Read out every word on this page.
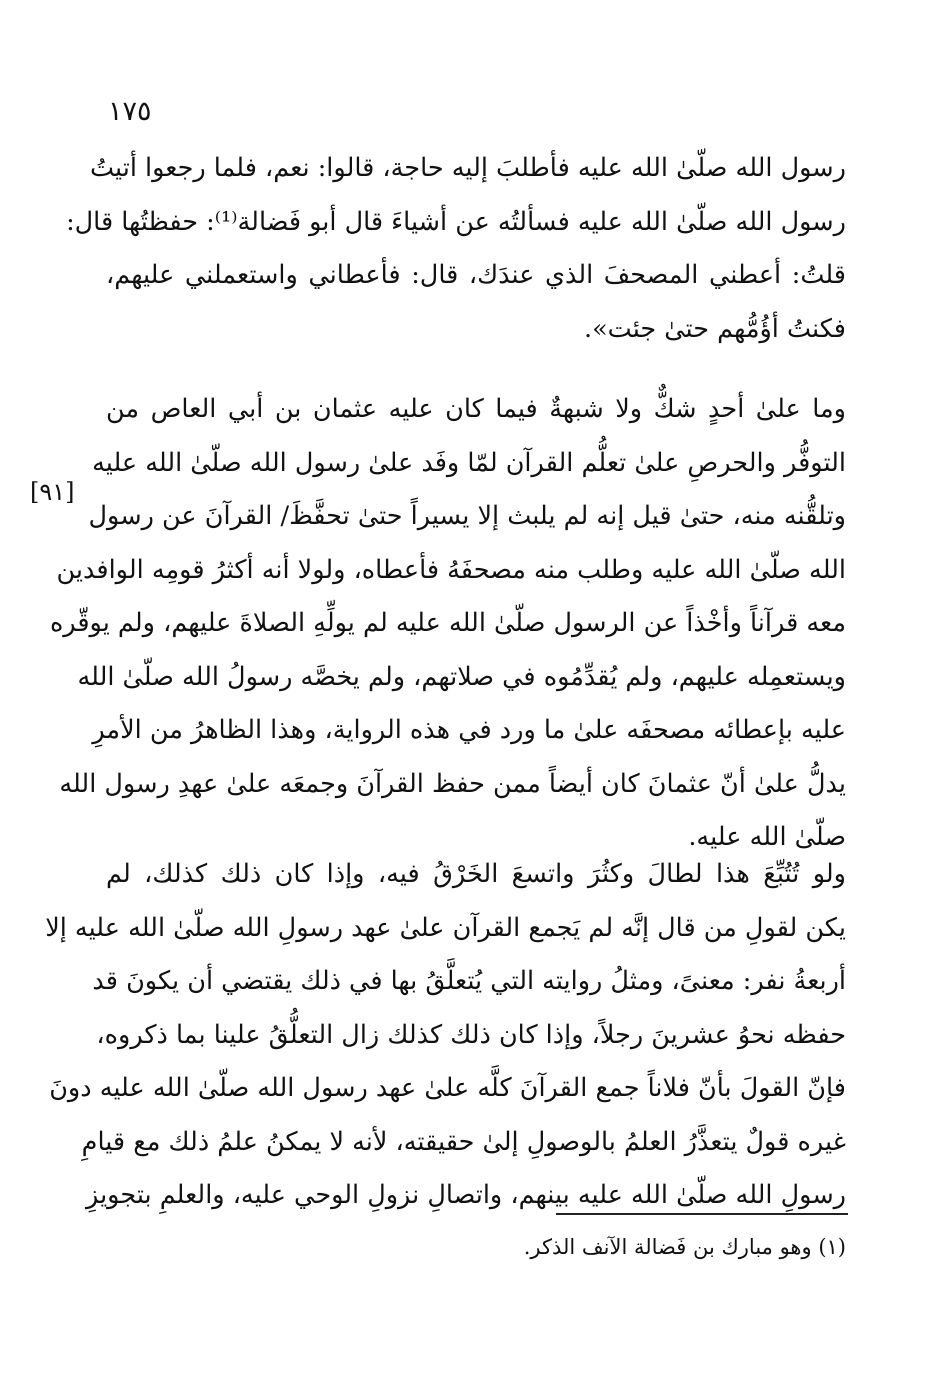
١٧٥
[٩١]
رسول الله صلّىٰ الله عليه فأطلبَ إليه حاجة، قالوا: نعم، فلما رجعوا أتيتُ
رسول الله صلّىٰ الله عليه فسألتُه عن أشياءَ قال أبو فَضالة⁽¹⁾: حفظتُها قال:
قلتُ: أعطني المصحفَ الذي عندَك، قال: فأعطاني واستعملني عليهم،
فكنتُ أؤُمُّهم حتىٰ جئت».
وما علىٰ أحدٍ شكٌّ ولا شبهةٌ فيما كان عليه عثمان بن أبي العاص من
التوفُّر والحرصِ علىٰ تعلُّم القرآن لمّا وفَد علىٰ رسول الله صلّىٰ الله عليه
وتلقُّنه منه، حتىٰ قيل إنه لم يلبث إلا يسيراً حتىٰ تحفَّظَ/ القرآنَ عن رسول
الله صلّىٰ الله عليه وطلب منه مصحفَهُ فأعطاه، ولولا أنه أكثرُ قومِه الوافدين
معه قرآناً وأخْذاً عن الرسول صلّىٰ الله عليه لم يولِّهِ الصلاةَ عليهم، ولم يوقّره
ويستعمِله عليهم، ولم يُقدِّمُوه في صلاتهم، ولم يخصَّه رسولُ الله صلّىٰ الله
عليه بإعطائه مصحفَه علىٰ ما ورد في هذه الرواية، وهذا الظاهرُ من الأمرِ
يدلُّ علىٰ أنّ عثمانَ كان أيضاً ممن حفظ القرآنَ وجمعَه علىٰ عهدِ رسول الله
صلّىٰ الله عليه.
ولو تُتُبِّعَ هذا لطالَ وكثُرَ واتسعَ الخَرْقُ فيه، وإذا كان ذلك كذلك، لم
يكن لقولِ من قال إنَّه لم يَجمع القرآن علىٰ عهد رسولِ الله صلّىٰ الله عليه إلا
أربعةُ نفر: معنىً، ومثلُ روايته التي يُتعلَّقُ بها في ذلك يقتضي أن يكونَ قد
حفظه نحوُ عشرينَ رجلاً، وإذا كان ذلك كذلك زال التعلُّقُ علينا بما ذكروه،
فإنّ القولَ بأنّ فلاناً جمع القرآنَ كلَّه علىٰ عهد رسول الله صلّىٰ الله عليه دونَ
غيره قولٌ يتعذَّرُ العلمُ بالوصولِ إلىٰ حقيقته، لأنه لا يمكنُ علمُ ذلك مع قيامِ
رسولِ الله صلّىٰ الله عليه بينهم، واتصالِ نزولِ الوحي عليه، والعلمِ بتجويزِ
(١) وهو مبارك بن فَضالة الآنف الذكر.
